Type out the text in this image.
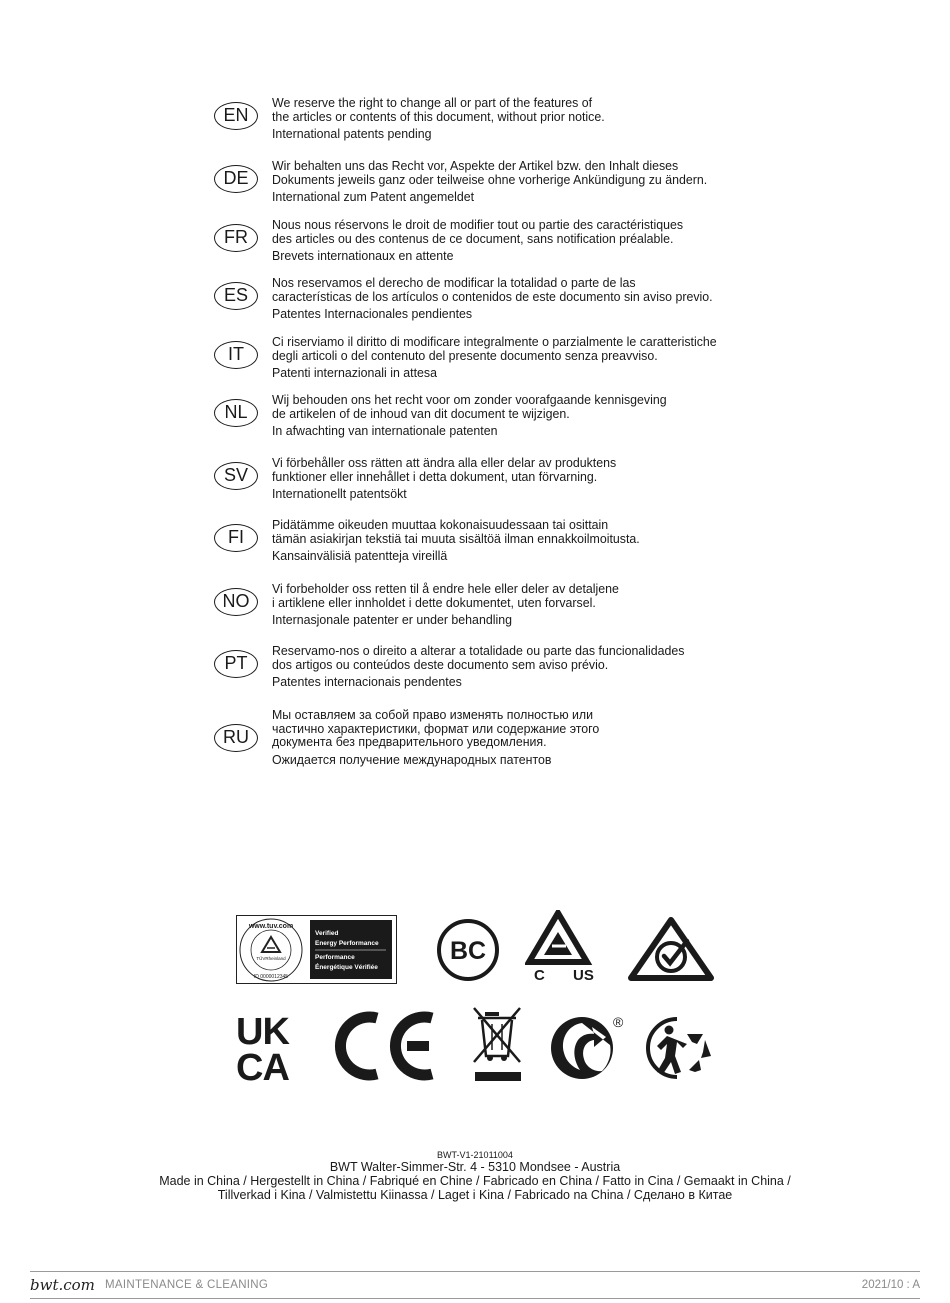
EN
We reserve the right to change all or part of the features of
the articles or contents of this document, without prior notice.
International patents pending
DE
Wir behalten uns das Recht vor, Aspekte der Artikel bzw. den Inhalt dieses
Dokuments jeweils ganz oder teilweise ohne vorherige Ankündigung zu ändern.
International zum Patent angemeldet
FR
Nous nous réservons le droit de modifier tout ou partie des caractéristiques
des articles ou des contenus de ce document, sans notification préalable.
Brevets internationaux en attente
ES
Nos reservamos el derecho de modificar la totalidad o parte de las
características de los artículos o contenidos de este documento sin aviso previo.
Patentes Internacionales pendientes
IT
Ci riserviamo il diritto di modificare integralmente o parzialmente le caratteristiche
degli articoli o del contenuto del presente documento senza preavviso.
Patenti internazionali in attesa
NL
Wij behouden ons het recht voor om zonder voorafgaande kennisgeving
de artikelen of de inhoud van dit document te wijzigen.
In afwachting van internationale patenten
SV
Vi förbehåller oss rätten att ändra alla eller delar av produktens
funktioner eller innehållet i detta dokument, utan förvarning.
Internationellt patentsökt
FI
Pidätämme oikeuden muuttaa kokonaisuudessaan tai osittain
tämän asiakirjan tekstiä tai muuta sisältöä ilman ennakkoilmoitusta.
Kansainvälisiä patentteja vireillä
NO
Vi forbeholder oss retten til å endre hele eller deler av detaljene
i artiklene eller innholdet i dette dokumentet, uten forvarsel.
Internasjonale patenter er under behandling
PT
Reservamo-nos o direito a alterar a totalidade ou parte das funcionalidades
dos artigos ou conteúdos deste documento sem aviso prévio.
Patentes internacionais pendentes
RU
Мы оставляем за собой право изменять полностью или
частично характеристики, формат или содержание этого
документа без предварительного уведомления.
Ожидается получение международных патентов
www.tuv.com
TÜVRheinland
ID 0000012345
Verified
Energy Performance
Performance
Énergétique Vérifiée
BC
C US
UK
CA
®
BWT-V1-21011004
BWT Walter-Simmer-Str. 4 - 5310 Mondsee - Austria
Made in China / Hergestellt in China / Fabriqué en Chine / Fabricado en China / Fatto in Cina / Gemaakt in China /
Tillverkad i Kina / Valmistettu Kiinassa / Laget i Kina / Fabricado na China / Сделано в Китае
bwt.com MAINTENANCE & CLEANING	2021/10 : A
